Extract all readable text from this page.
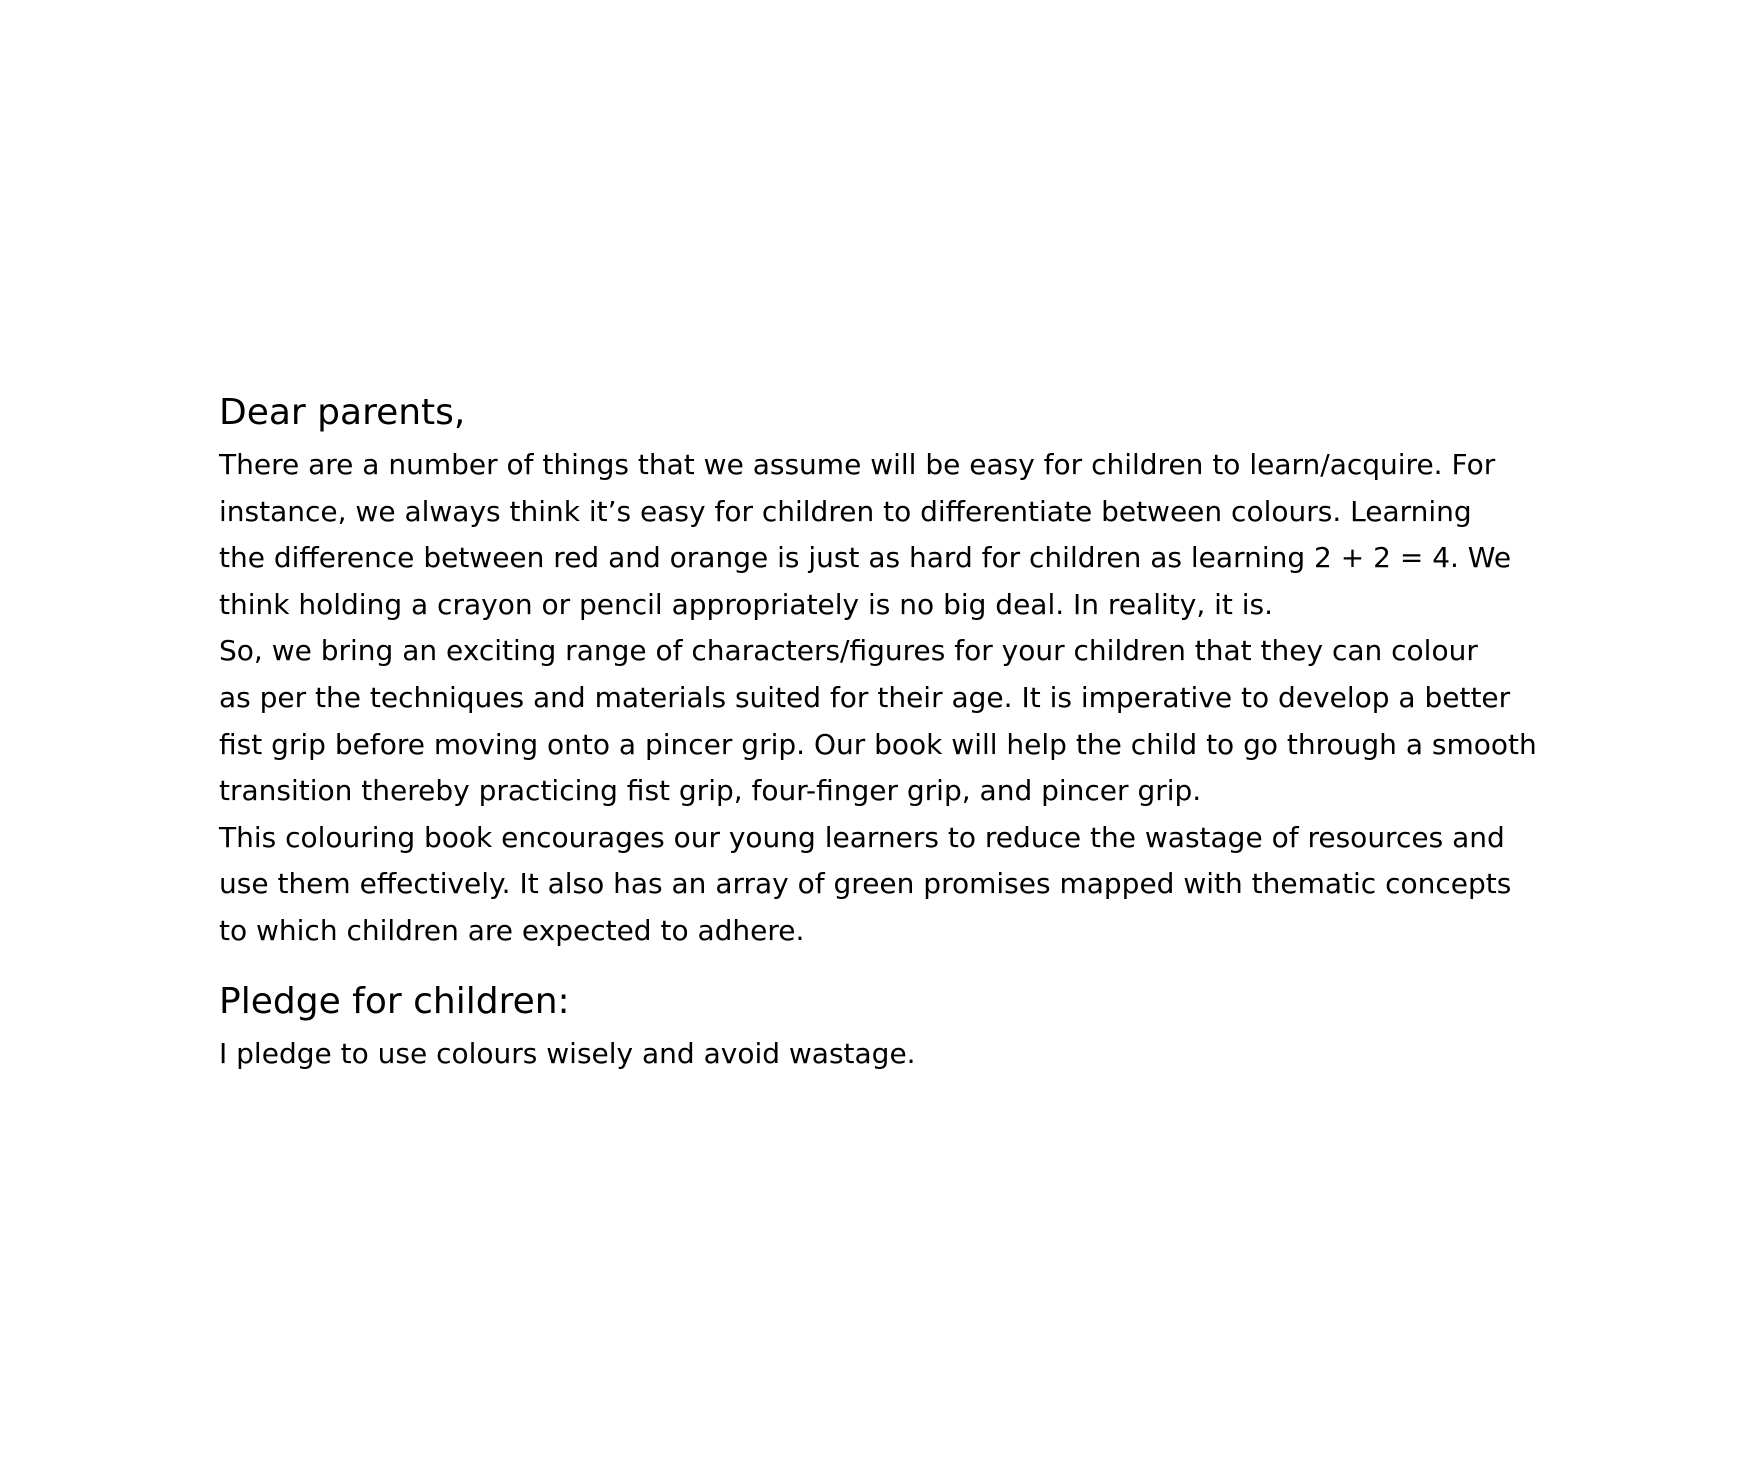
Dear parents,

There are a number of things that we assume will be easy for children to learn/acquire. For

instance, we always think it’s easy for children to differentiate between colours. Learning

the difference between red and orange is just as hard for children as learning 2 + 2 = 4. We

think holding a crayon or pencil appropriately is no big deal. In reality, it is.

So, we bring an exciting range of characters/figures for your children that they can colour

as per the techniques and materials suited for their age. It is imperative to develop a better

fist grip before moving onto a pincer grip. Our book will help the child to go through a smooth

transition thereby practicing fist grip, four-finger grip, and pincer grip.

This colouring book encourages our young learners to reduce the wastage of resources and

use them effectively. It also has an array of green promises mapped with thematic concepts

to which children are expected to adhere.

Pledge for children:

I pledge to use colours wisely and avoid wastage.
